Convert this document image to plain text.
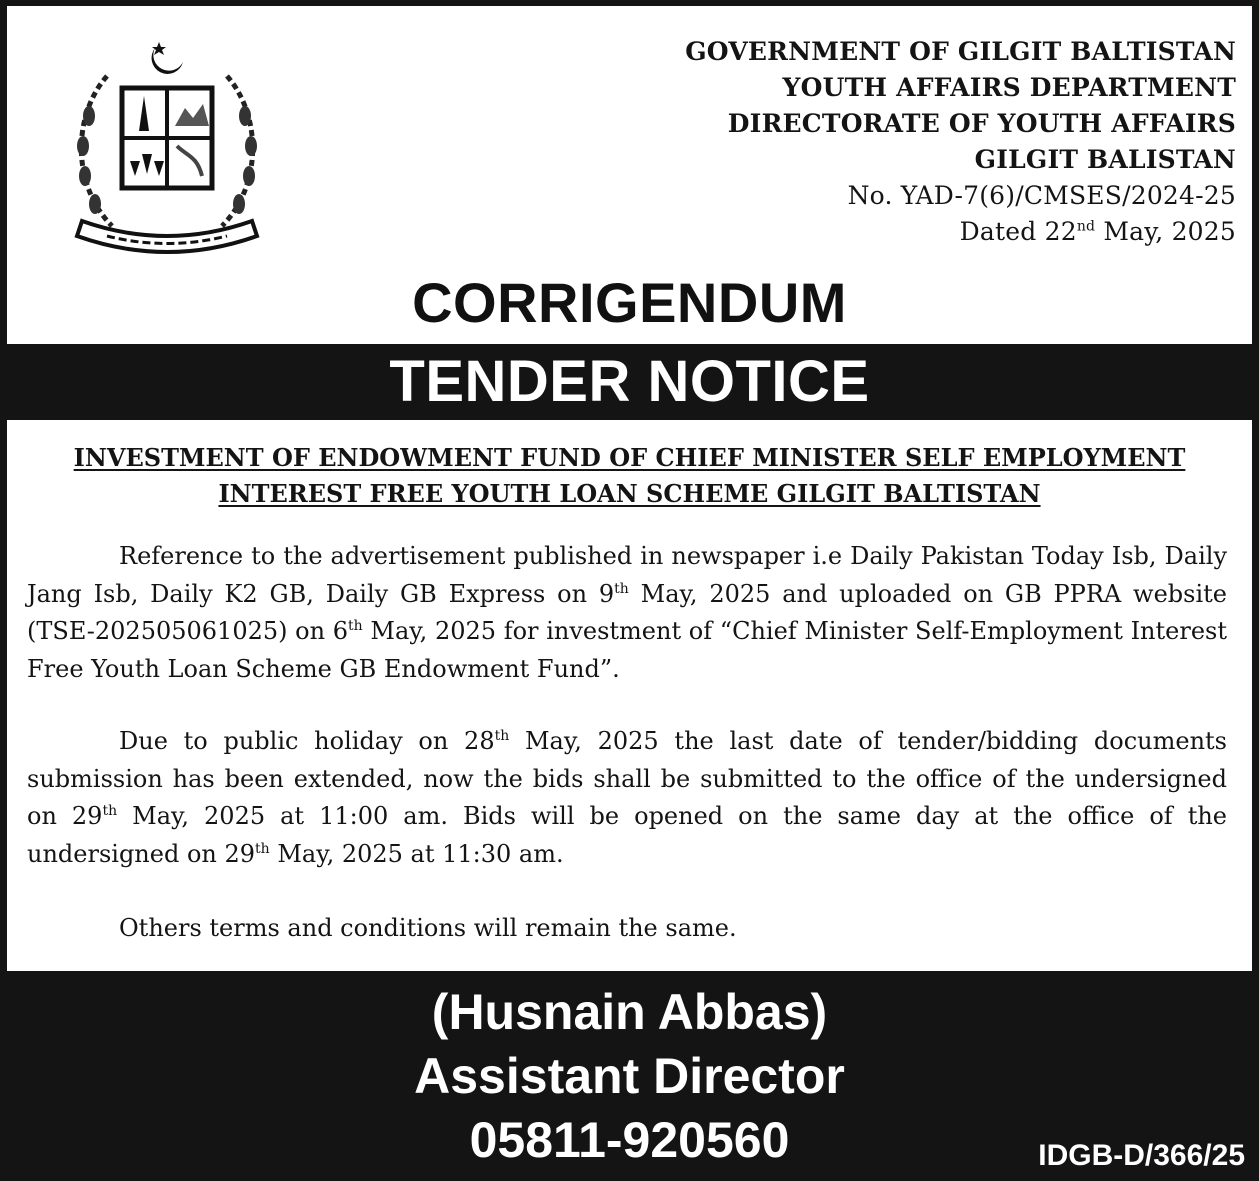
GOVERNMENT OF GILGIT BALTISTAN
YOUTH AFFAIRS DEPARTMENT
DIRECTORATE OF YOUTH AFFAIRS
GILGIT BALISTAN
No. YAD-7(6)/CMSES/2024-25
Dated 22nd May, 2025
CORRIGENDUM
TENDER NOTICE
INVESTMENT OF ENDOWMENT FUND OF CHIEF MINISTER SELF EMPLOYMENT
INTEREST FREE YOUTH LOAN SCHEME GILGIT BALTISTAN
Reference to the advertisement published in newspaper i.e Daily Pakistan Today Isb, Daily Jang Isb, Daily K2 GB, Daily GB Express on 9th May, 2025 and uploaded on GB PPRA website (TSE-202505061025) on 6th May, 2025 for investment of “Chief Minister Self-Employment Interest Free Youth Loan Scheme GB Endowment Fund”.
Due to public holiday on 28th May, 2025 the last date of tender/bidding documents submission has been extended, now the bids shall be submitted to the office of the undersigned on 29th May, 2025 at 11:00 am. Bids will be opened on the same day at the office of the undersigned on 29th May, 2025 at 11:30 am.
Others terms and conditions will remain the same.
(Husnain Abbas)
Assistant Director
05811-920560	IDGB-D/366/25
